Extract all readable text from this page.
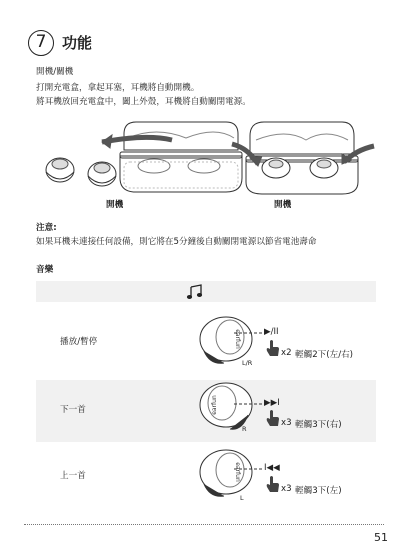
7	功能
開機/關機
打開充電盒，拿起耳塞，耳機將自動開機。
將耳機放回充電盒中，闔上外殼，耳機將自動關閉電源。
開機	開機
注意:
如果耳機未連接任何設備，則它將在5分鐘後自動關閉電源以節省電池壽命
音樂
播放/暫停	earfun	▶/II
L/R
x2 輕觸2下(左/右)
下一首	earfun	▶▶I
R
x3 輕觸3下(右)
上一首	earfun	I◀◀
L
x3 輕觸3下(左)
51
